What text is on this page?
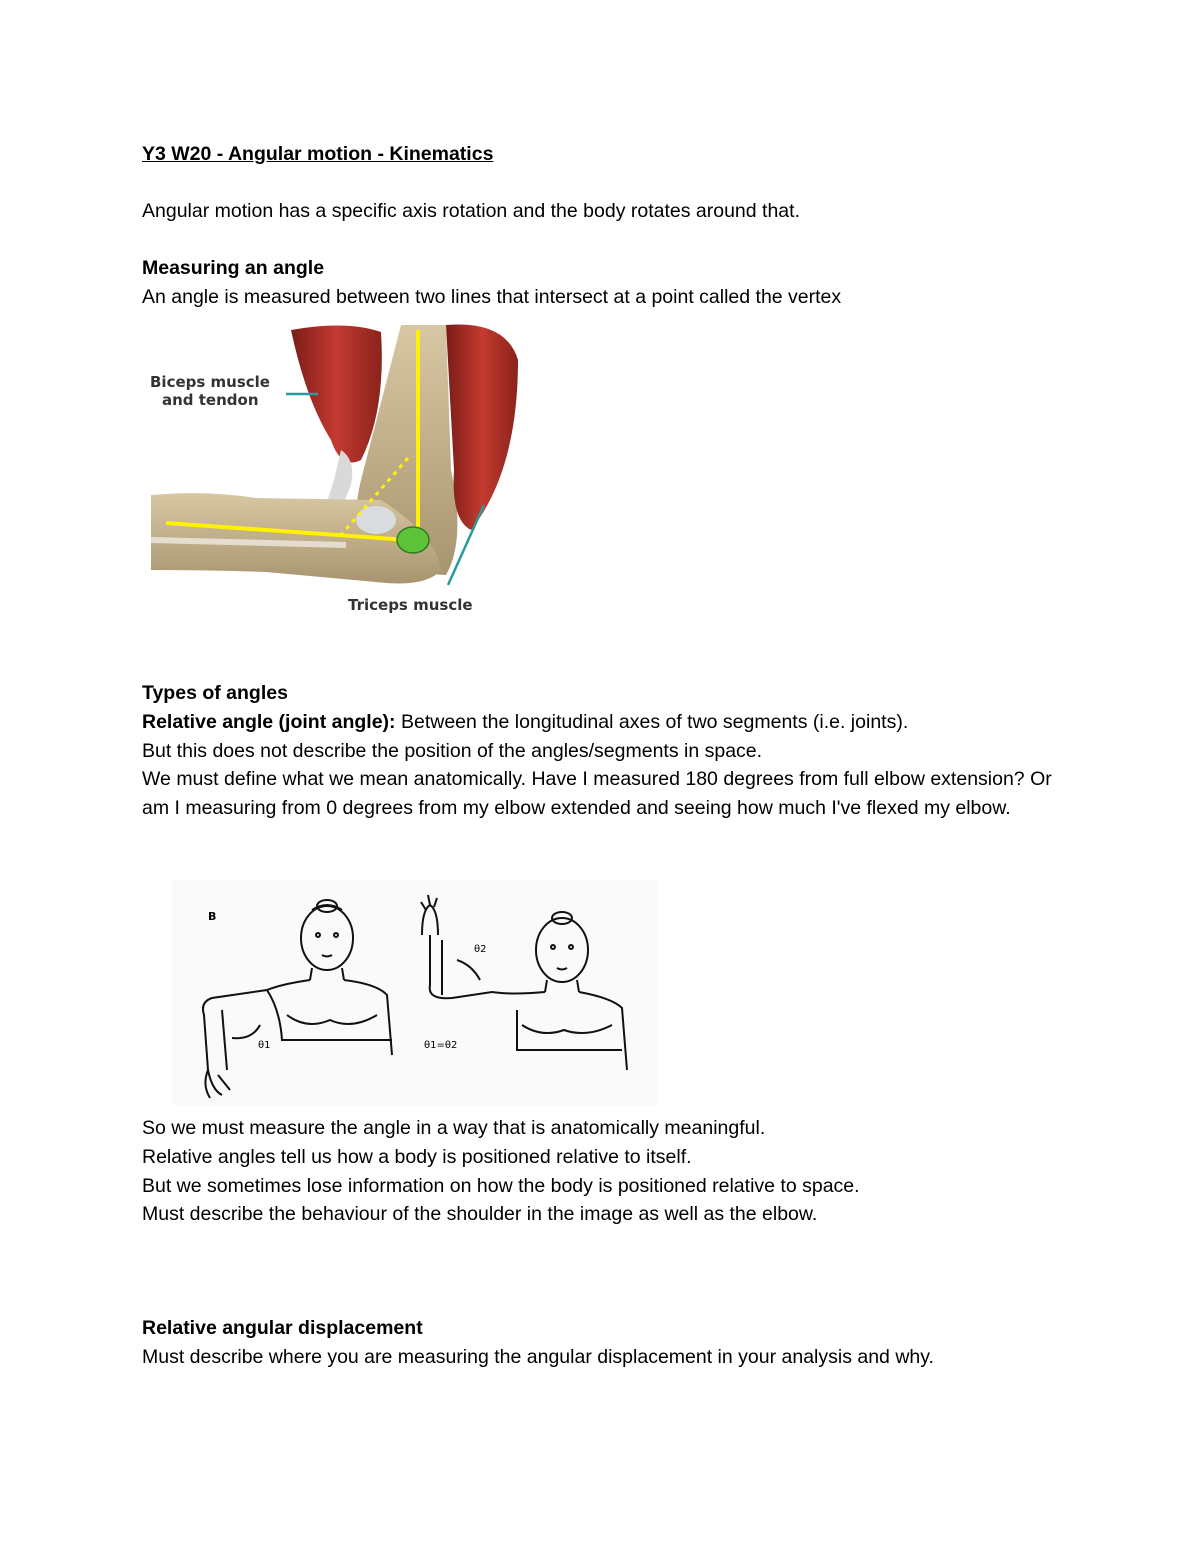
Y3 W20 - Angular motion - Kinematics
Angular motion has a specific axis rotation and the body rotates around that.
Measuring an angle
An angle is measured between two lines that intersect at a point called the vertex
Biceps muscle
and tendon
Triceps muscle
Types of angles
Relative angle (joint angle): Between the longitudinal axes of two segments (i.e. joints).
But this does not describe the position of the angles/segments in space.
We must define what we mean anatomically. Have I measured 180 degrees from full elbow extension? Or am I measuring from 0 degrees from my elbow extended and seeing how much I've flexed my elbow.
B
θ1
θ2
θ1=θ2
So we must measure the angle in a way that is anatomically meaningful.
Relative angles tell us how a body is positioned relative to itself.
But we sometimes lose information on how the body is positioned relative to space.
Must describe the behaviour of the shoulder in the image as well as the elbow.
Relative angular displacement
Must describe where you are measuring the angular displacement in your analysis and why.
